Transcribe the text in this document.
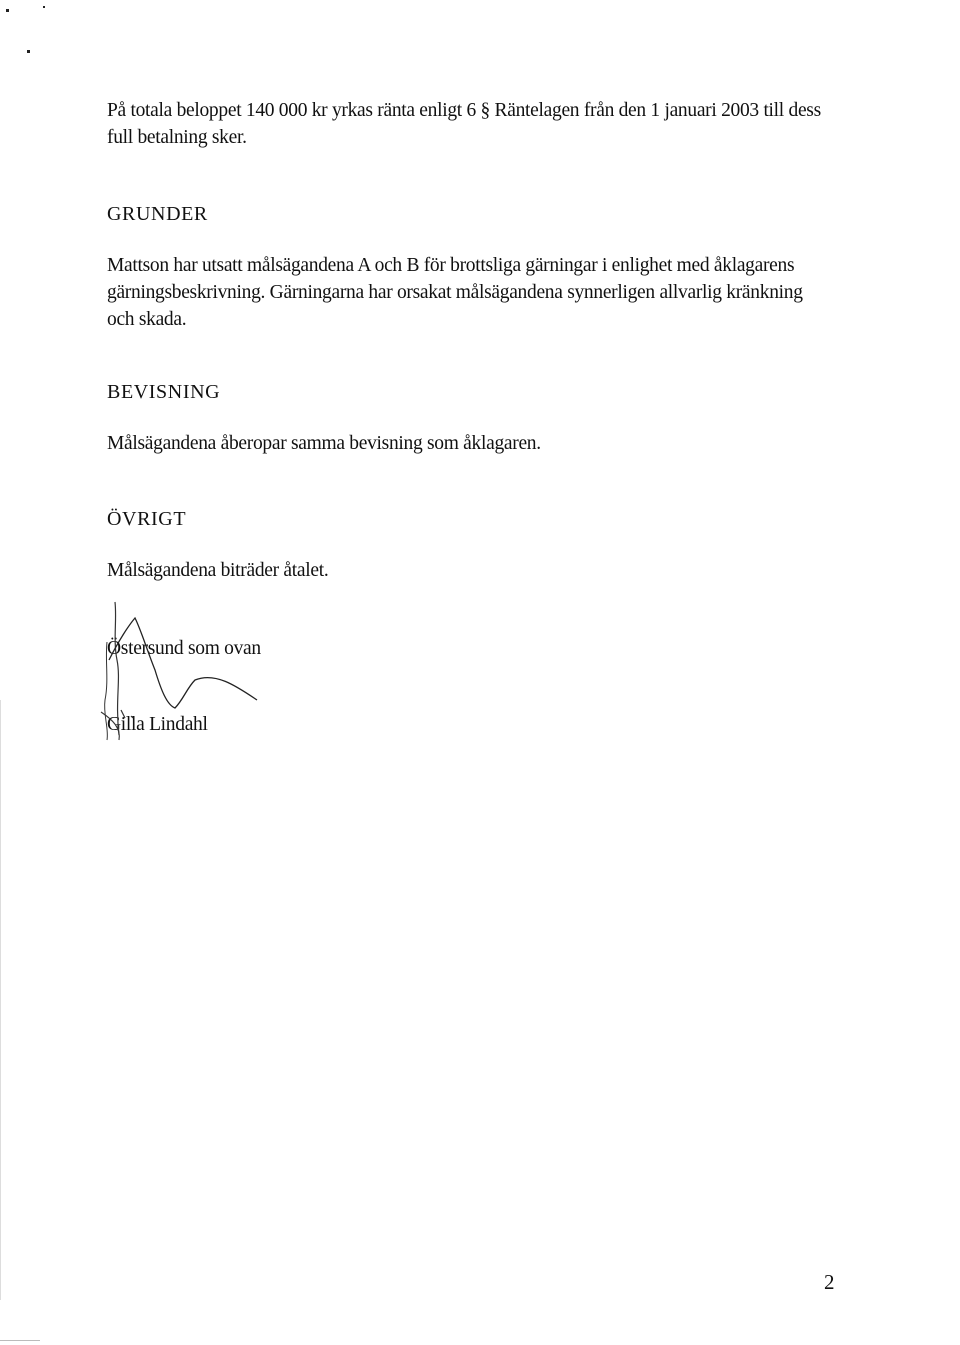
På totala beloppet 140 000 kr yrkas ränta enligt 6 § Räntelagen från den 1 januari 2003 till dess full betalning sker.

GRUNDER

Mattson har utsatt målsägandena A och B för brottsliga gärningar i enlighet med åklagarens gärningsbeskrivning. Gärningarna har orsakat målsägandena synnerligen allvarlig kränkning och skada.

BEVISNING

Målsägandena åberopar samma bevisning som åklagaren.

ÖVRIGT

Målsägandena biträder åtalet.

Östersund som ovan

Gilla Lindahl

2
